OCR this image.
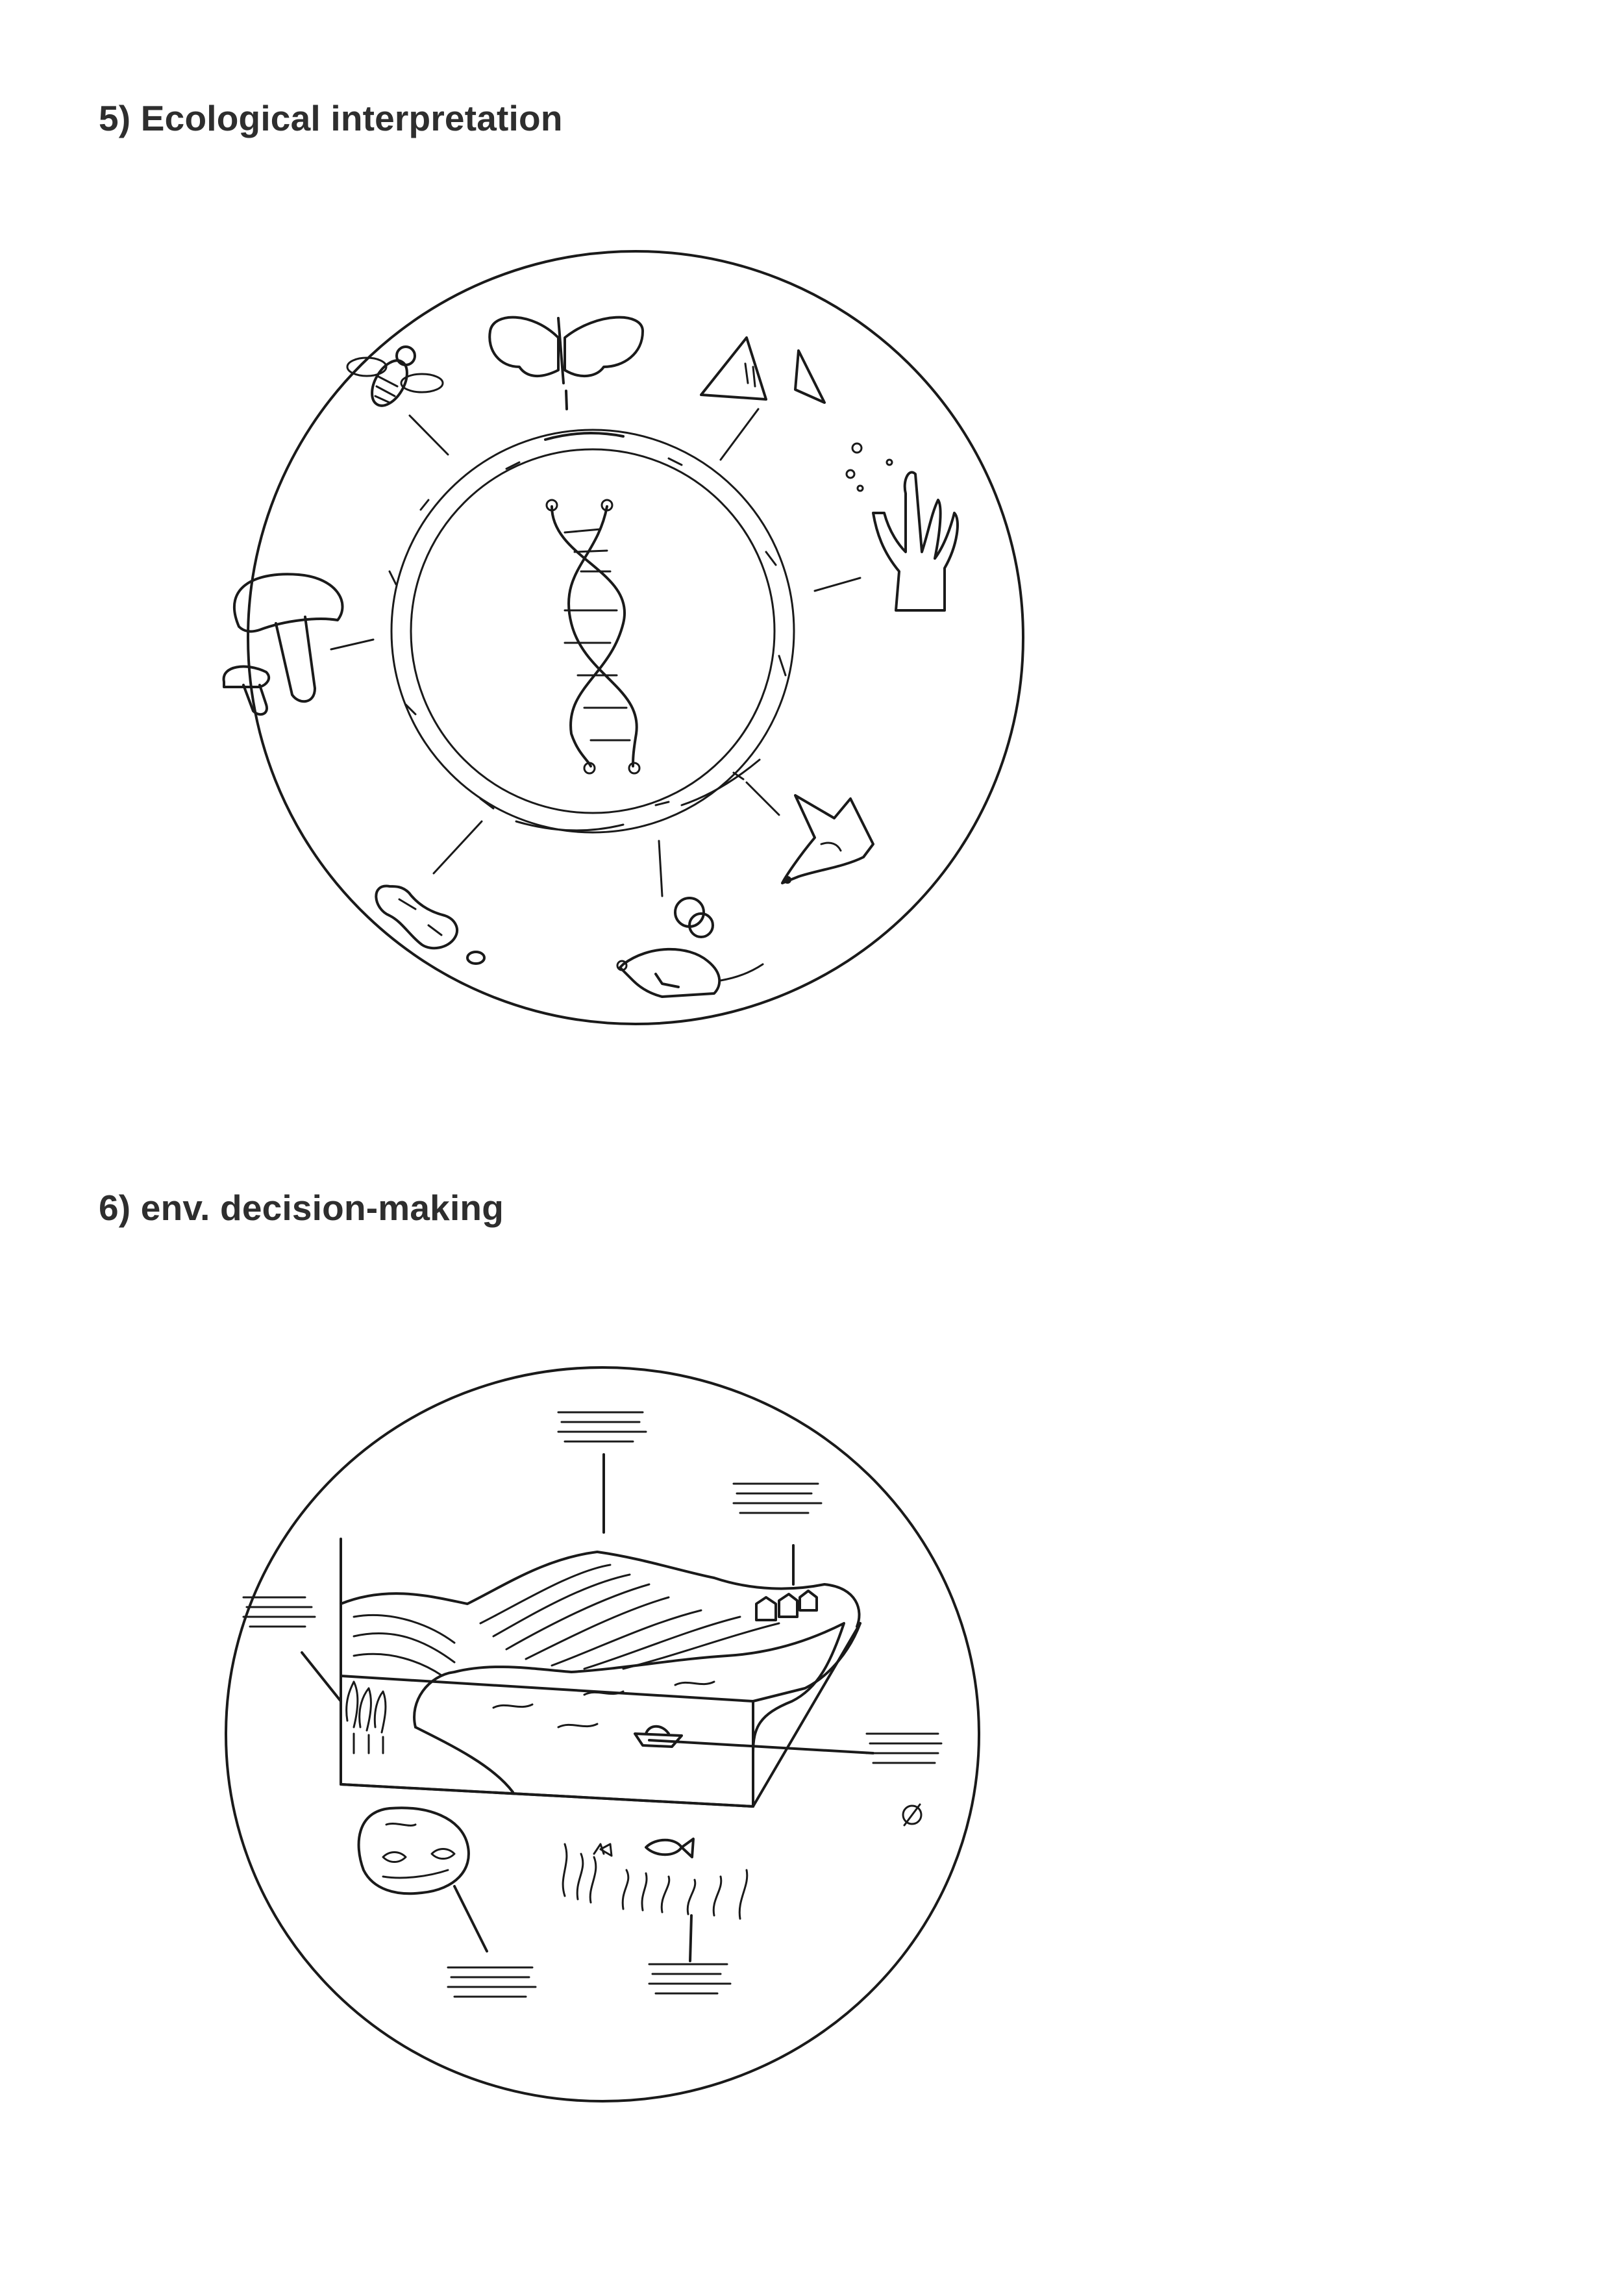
5) Ecological interpretation
6) env. decision-making
